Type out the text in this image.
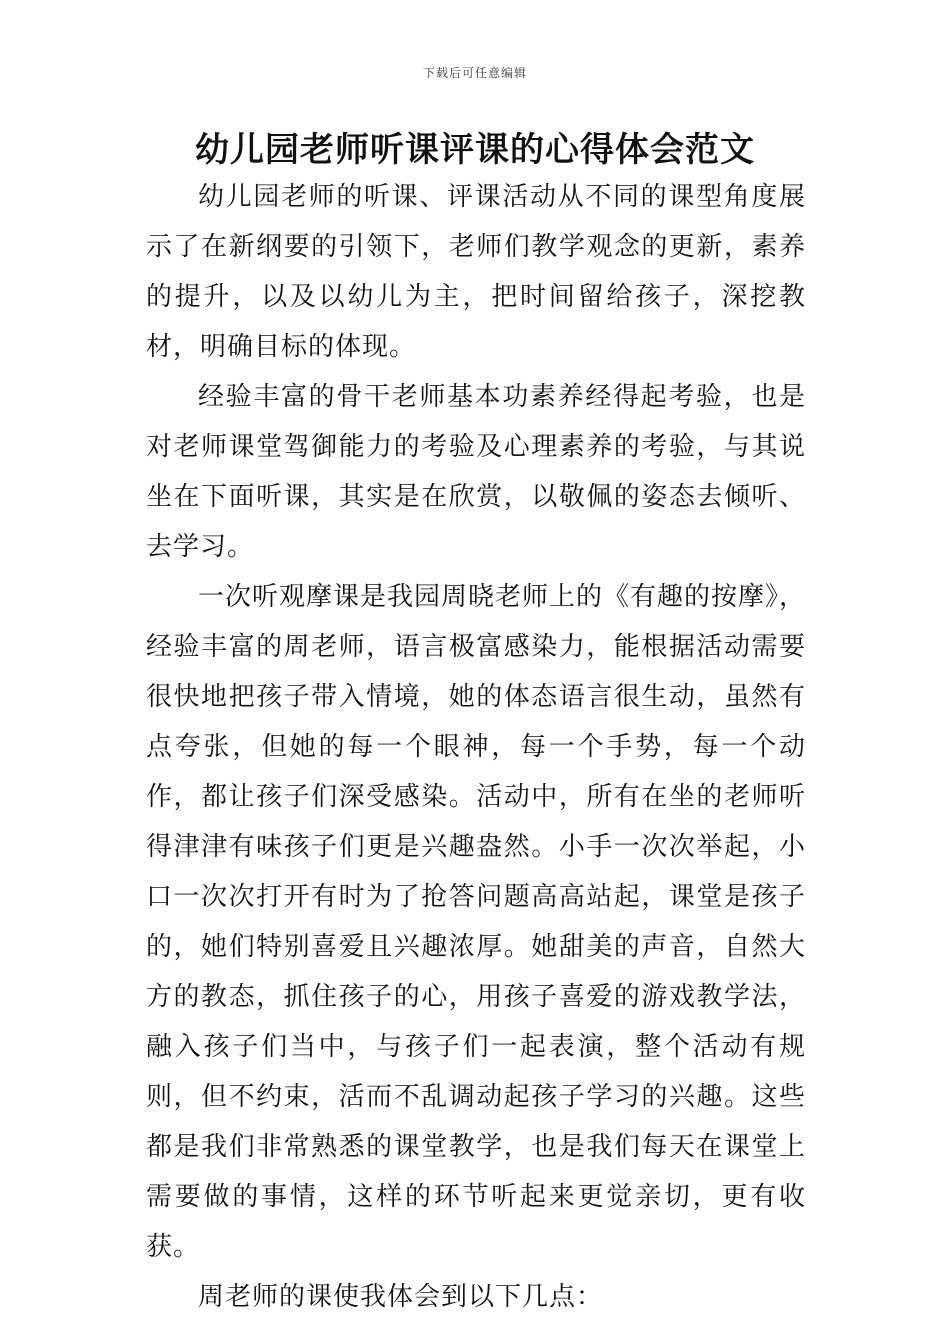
下载后可任意编辑
幼儿园老师听课评课的心得体会范文

幼儿园老师的听课、评课活动从不同的课型角度展示了在新纲要的引领下，老师们教学观念的更新，素养的提升，以及以幼儿为主，把时间留给孩子，深挖教材，明确目标的体现。

经验丰富的骨干老师基本功素养经得起考验，也是对老师课堂驾御能力的考验及心理素养的考验，与其说坐在下面听课，其实是在欣赏，以敬佩的姿态去倾听、去学习。

一次听观摩课是我园周晓老师上的《有趣的按摩》，经验丰富的周老师，语言极富感染力，能根据活动需要很快地把孩子带入情境，她的体态语言很生动，虽然有点夸张，但她的每一个眼神，每一个手势，每一个动作，都让孩子们深受感染。活动中，所有在坐的老师听得津津有味孩子们更是兴趣盎然。小手一次次举起，小口一次次打开有时为了抢答问题高高站起，课堂是孩子的，她们特别喜爱且兴趣浓厚。她甜美的声音，自然大方的教态，抓住孩子的心，用孩子喜爱的游戏教学法，融入孩子们当中，与孩子们一起表演，整个活动有规则，但不约束，活而不乱调动起孩子学习的兴趣。这些都是我们非常熟悉的课堂教学，也是我们每天在课堂上需要做的事情，这样的环节听起来更觉亲切，更有收获。

周老师的课使我体会到以下几点：
